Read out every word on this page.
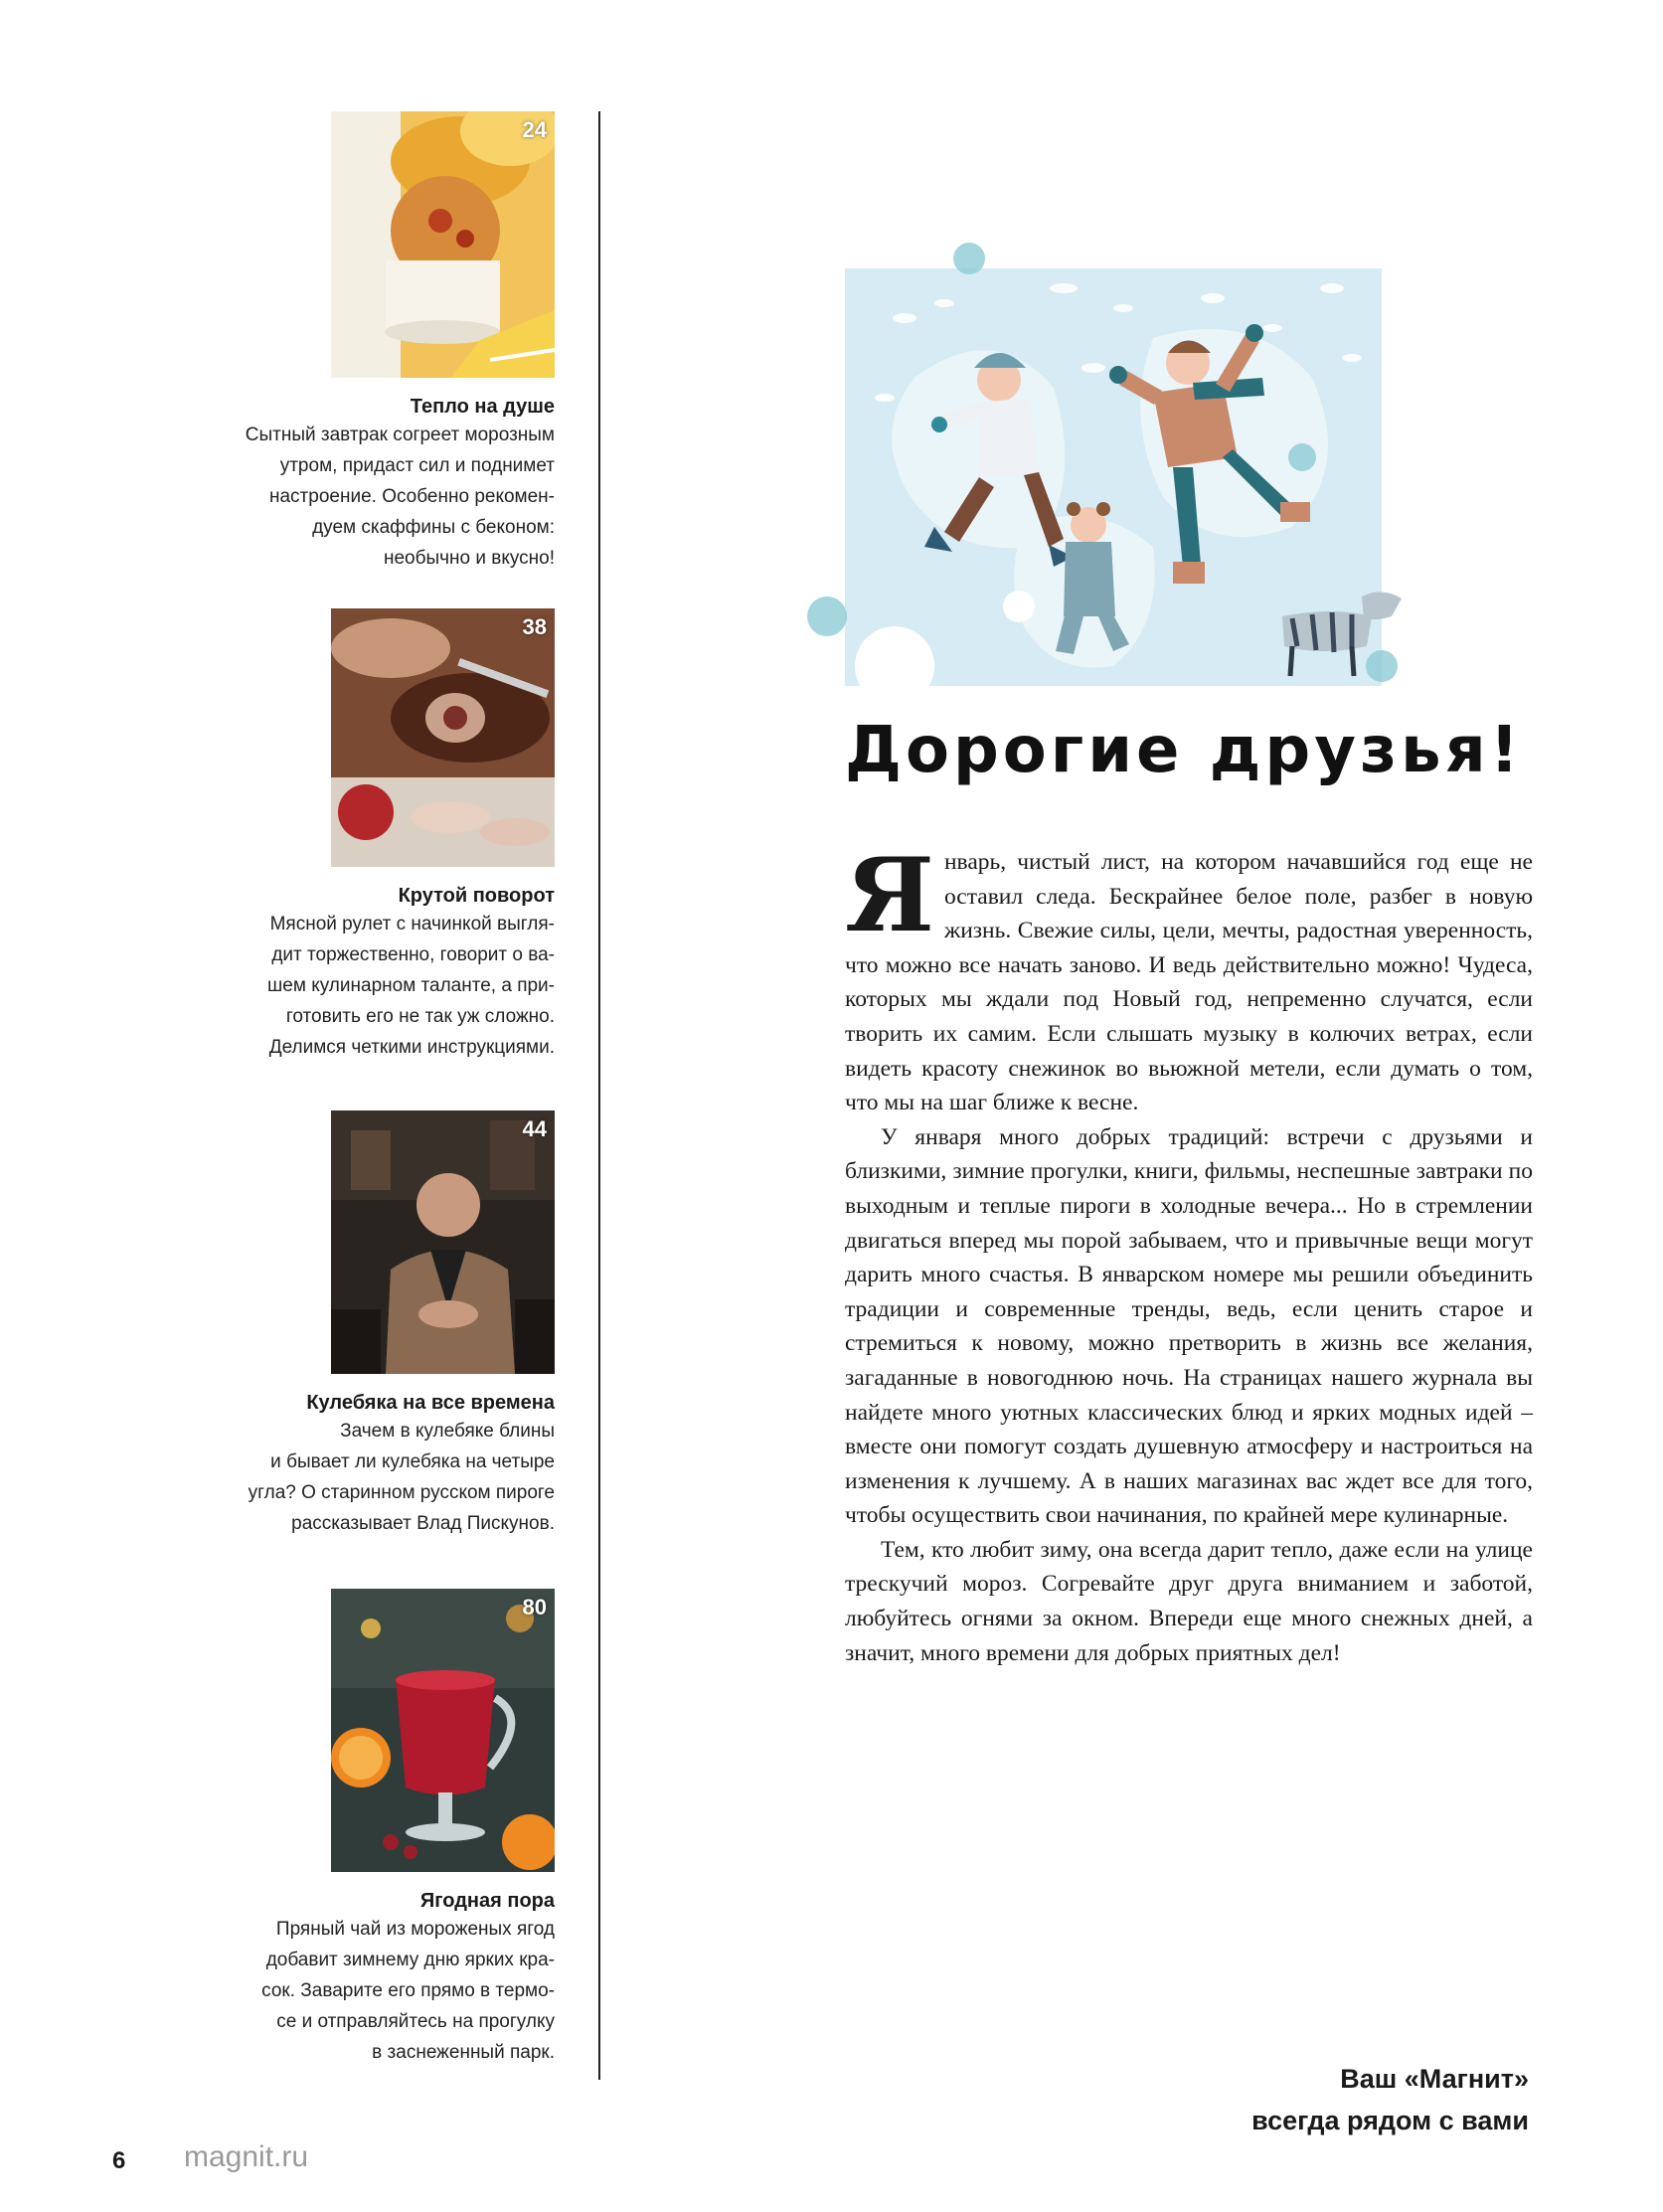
24
Тепло на душе
Сытный завтрак согреет морозным
утром, придаст сил и поднимет
настроение. Особенно рекомен-
дуем скаффины с беконом:
необычно и вкусно!
38
Крутой поворот
Мясной рулет с начинкой выгля-
дит торжественно, говорит о ва-
шем кулинарном таланте, а при-
готовить его не так уж сложно.
Делимся четкими инструкциями.
44
Кулебяка на все времена
Зачем в кулебяке блины
и бывает ли кулебяка на четыре
угла? О старинном русском пироге
рассказывает Влад Пискунов.
80
Ягодная пора
Пряный чай из мороженых ягод
добавит зимнему дню ярких кра-
сок. Заварите его прямо в термо-
се и отправляйтесь на прогулку
в заснеженный парк.
Дорогие друзья!

Январь, чистый лист, на котором начавшийся год еще не оставил следа. Бескрайнее белое поле, разбег в новую жизнь. Свежие силы, цели, мечты, радостная уверенность, что можно все начать заново. И ведь действительно можно! Чудеса, которых мы ждали под Новый год, непременно случатся, если творить их самим. Если слышать музыку в колючих ветрах, если видеть красоту снежинок во вьюжной метели, если думать о том, что мы на шаг ближе к весне.

У января много добрых традиций: встречи с друзьями и близкими, зимние прогулки, книги, фильмы, неспешные завтраки по выходным и теплые пироги в холодные вечера... Но в стремлении двигаться вперед мы порой забываем, что и привычные вещи могут дарить много счастья. В январском номере мы решили объединить традиции и современные тренды, ведь, если ценить старое и стремиться к новому, можно претворить в жизнь все желания, загаданные в новогоднюю ночь. На страницах нашего журнала вы найдете много уютных классических блюд и ярких модных идей – вместе они помогут создать душевную атмосферу и настроиться на изменения к лучшему. А в наших магазинах вас ждет все для того, чтобы осуществить свои начинания, по крайней мере кулинарные.

Тем, кто любит зиму, она всегда дарит тепло, даже если на улице трескучий мороз. Согревайте друг друга вниманием и заботой, любуйтесь огнями за окном. Впереди еще много снежных дней, а значит, много времени для добрых приятных дел!

Ваш «Магнит»
всегда рядом с вами
6 magnit.ru
